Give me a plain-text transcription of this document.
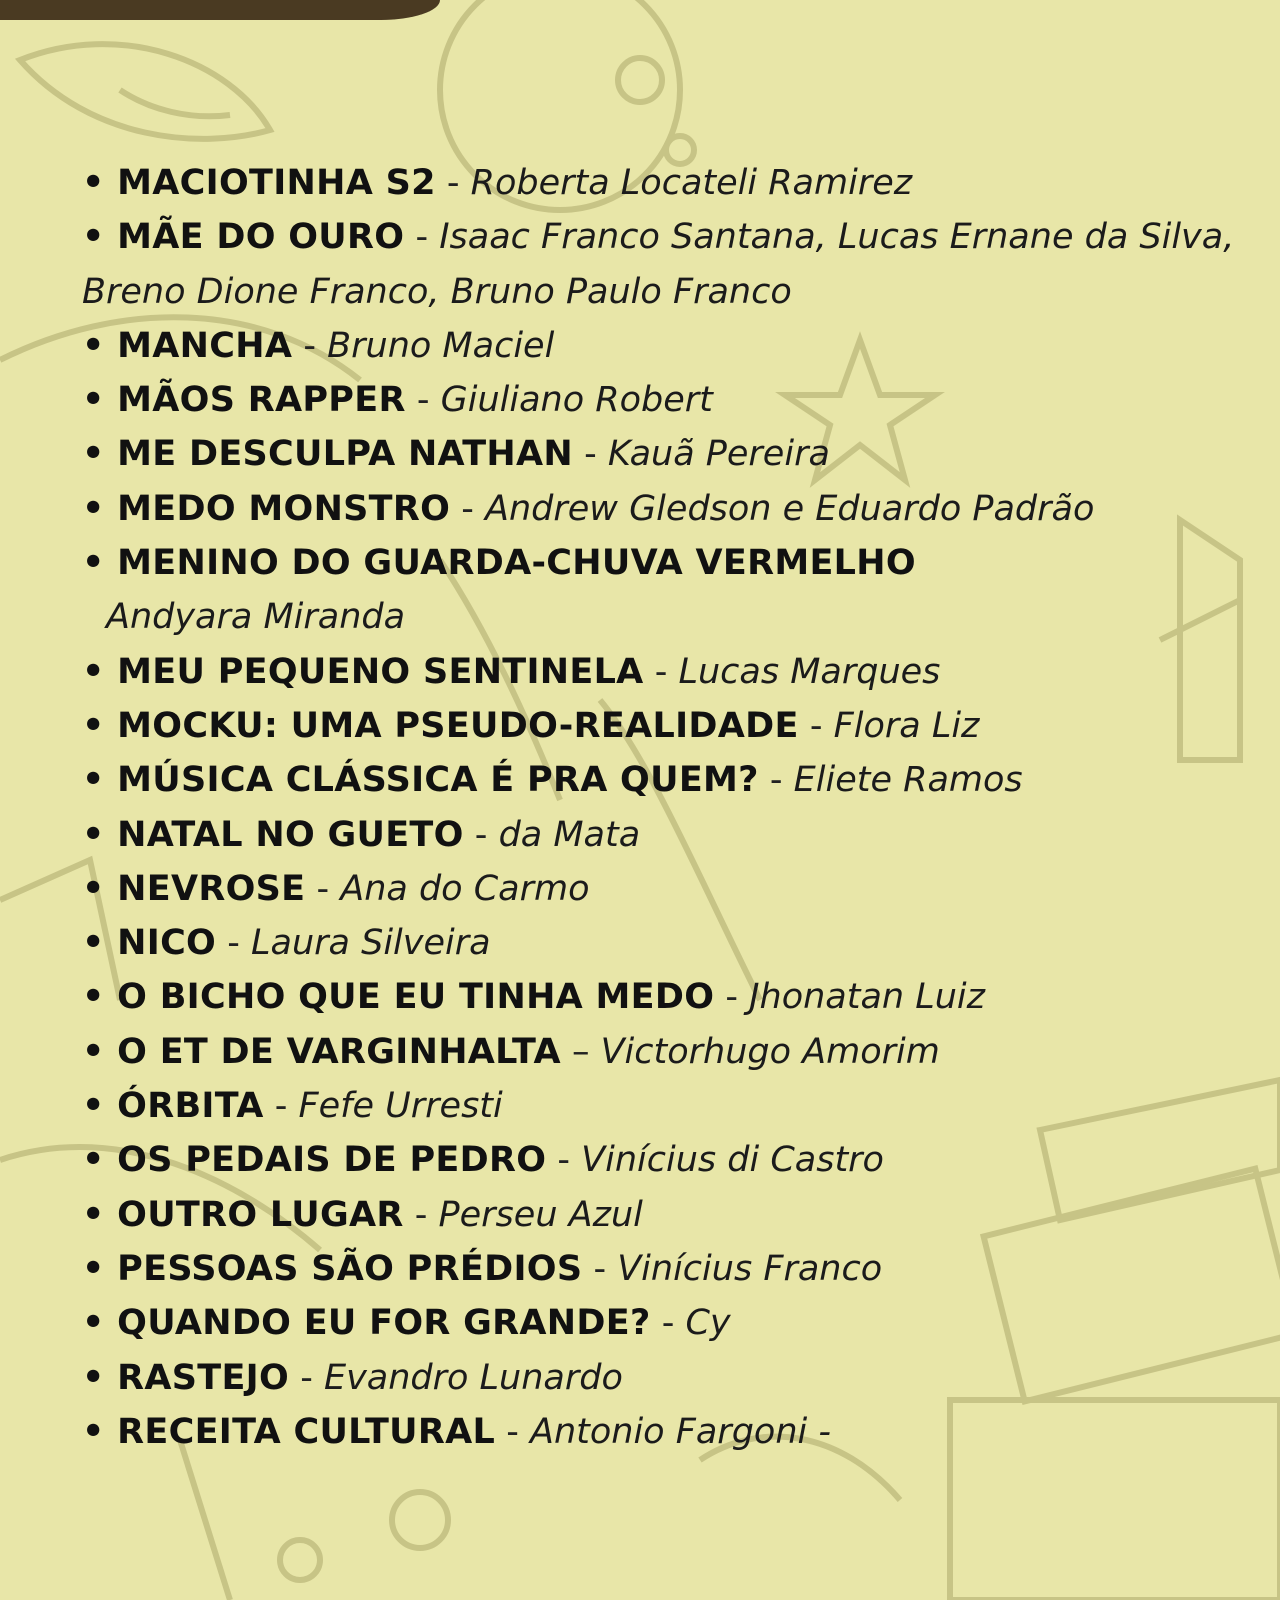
• MACIOTINHA S2 - Roberta Locateli Ramirez
• MÃE DO OURO - Isaac Franco Santana, Lucas Ernane da Silva, Breno Dione Franco, Bruno Paulo Franco
• MANCHA - Bruno Maciel
• MÃOS RAPPER - Giuliano Robert
• ME DESCULPA NATHAN - Kauã Pereira
• MEDO MONSTRO - Andrew Gledson e Eduardo Padrão
• MENINO DO GUARDA-CHUVA VERMELHO
Andyara Miranda
• MEU PEQUENO SENTINELA - Lucas Marques
• MOCKU: UMA PSEUDO-REALIDADE - Flora Liz
• MÚSICA CLÁSSICA É PRA QUEM? - Eliete Ramos
• NATAL NO GUETO - da Mata
• NEVROSE - Ana do Carmo
• NICO - Laura Silveira
• O BICHO QUE EU TINHA MEDO - Jhonatan Luiz
• O ET DE VARGINHALTA – Victorhugo Amorim
• ÓRBITA - Fefe Urresti
• OS PEDAIS DE PEDRO - Vinícius di Castro
• OUTRO LUGAR - Perseu Azul
• PESSOAS SÃO PRÉDIOS - Vinícius Franco
• QUANDO EU FOR GRANDE? - Cy
• RASTEJO - Evandro Lunardo
• RECEITA CULTURAL - Antonio Fargoni -
